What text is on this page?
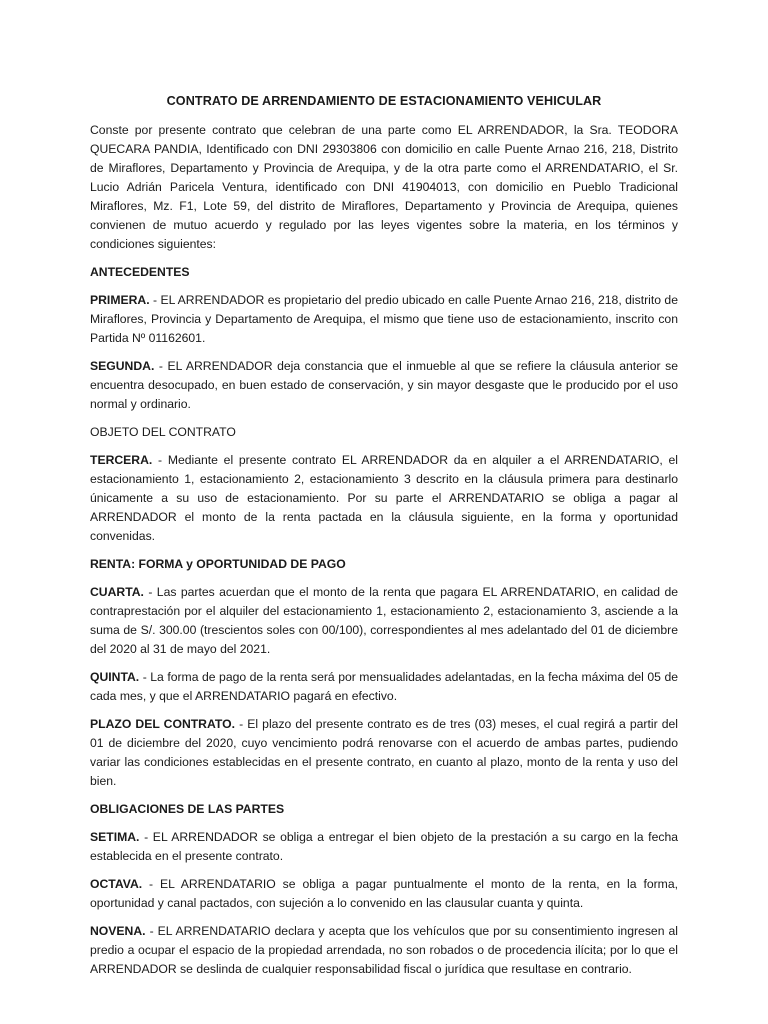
CONTRATO DE ARRENDAMIENTO DE ESTACIONAMIENTO VEHICULAR

Conste por presente contrato que celebran de una parte como EL ARRENDADOR, la Sra. TEODORA QUECARA PANDIA, Identificado con DNI 29303806 con domicilio en calle Puente Arnao 216, 218, Distrito de Miraflores, Departamento y Provincia de Arequipa, y de la otra parte como el ARRENDATARIO, el Sr. Lucio Adrián Paricela Ventura, identificado con DNI 41904013, con domicilio en Pueblo Tradicional Miraflores, Mz. F1, Lote 59, del distrito de Miraflores, Departamento y Provincia de Arequipa, quienes convienen de mutuo acuerdo y regulado por las leyes vigentes sobre la materia, en los términos y condiciones siguientes:

ANTECEDENTES

PRIMERA. - EL ARRENDADOR es propietario del predio ubicado en calle Puente Arnao 216, 218, distrito de Miraflores, Provincia y Departamento de Arequipa, el mismo que tiene uso de estacionamiento, inscrito con Partida Nº 01162601.

SEGUNDA. - EL ARRENDADOR deja constancia que el inmueble al que se refiere la cláusula anterior se encuentra desocupado, en buen estado de conservación, y sin mayor desgaste que le producido por el uso normal y ordinario.

OBJETO DEL CONTRATO

TERCERA. - Mediante el presente contrato EL ARRENDADOR da en alquiler a el ARRENDATARIO, el estacionamiento 1, estacionamiento 2, estacionamiento 3 descrito en la cláusula primera para destinarlo únicamente a su uso de estacionamiento. Por su parte el ARRENDATARIO se obliga a pagar al ARRENDADOR el monto de la renta pactada en la cláusula siguiente, en la forma y oportunidad convenidas.

RENTA: FORMA y OPORTUNIDAD DE PAGO

CUARTA. - Las partes acuerdan que el monto de la renta que pagara EL ARRENDATARIO, en calidad de contraprestación por el alquiler del estacionamiento 1, estacionamiento 2, estacionamiento 3, asciende a la suma de S/. 300.00 (trescientos soles con 00/100), correspondientes al mes adelantado del 01 de diciembre del 2020 al 31 de mayo del 2021.

QUINTA. - La forma de pago de la renta será por mensualidades adelantadas, en la fecha máxima del 05 de cada mes, y que el ARRENDATARIO pagará en efectivo.

PLAZO DEL CONTRATO. - El plazo del presente contrato es de tres (03) meses, el cual regirá a partir del 01 de diciembre del 2020, cuyo vencimiento podrá renovarse con el acuerdo de ambas partes, pudiendo variar las condiciones establecidas en el presente contrato, en cuanto al plazo, monto de la renta y uso del bien.

OBLIGACIONES DE LAS PARTES

SETIMA. - EL ARRENDADOR se obliga a entregar el bien objeto de la prestación a su cargo en la fecha establecida en el presente contrato.

OCTAVA. - EL ARRENDATARIO se obliga a pagar puntualmente el monto de la renta, en la forma, oportunidad y canal pactados, con sujeción a lo convenido en las clausular cuanta y quinta.

NOVENA. - EL ARRENDATARIO declara y acepta que los vehículos que por su consentimiento ingresen al predio a ocupar el espacio de la propiedad arrendada, no son robados o de procedencia ilícita; por lo que el ARRENDADOR se deslinda de cualquier responsabilidad fiscal o jurídica que resultase en contrario.
